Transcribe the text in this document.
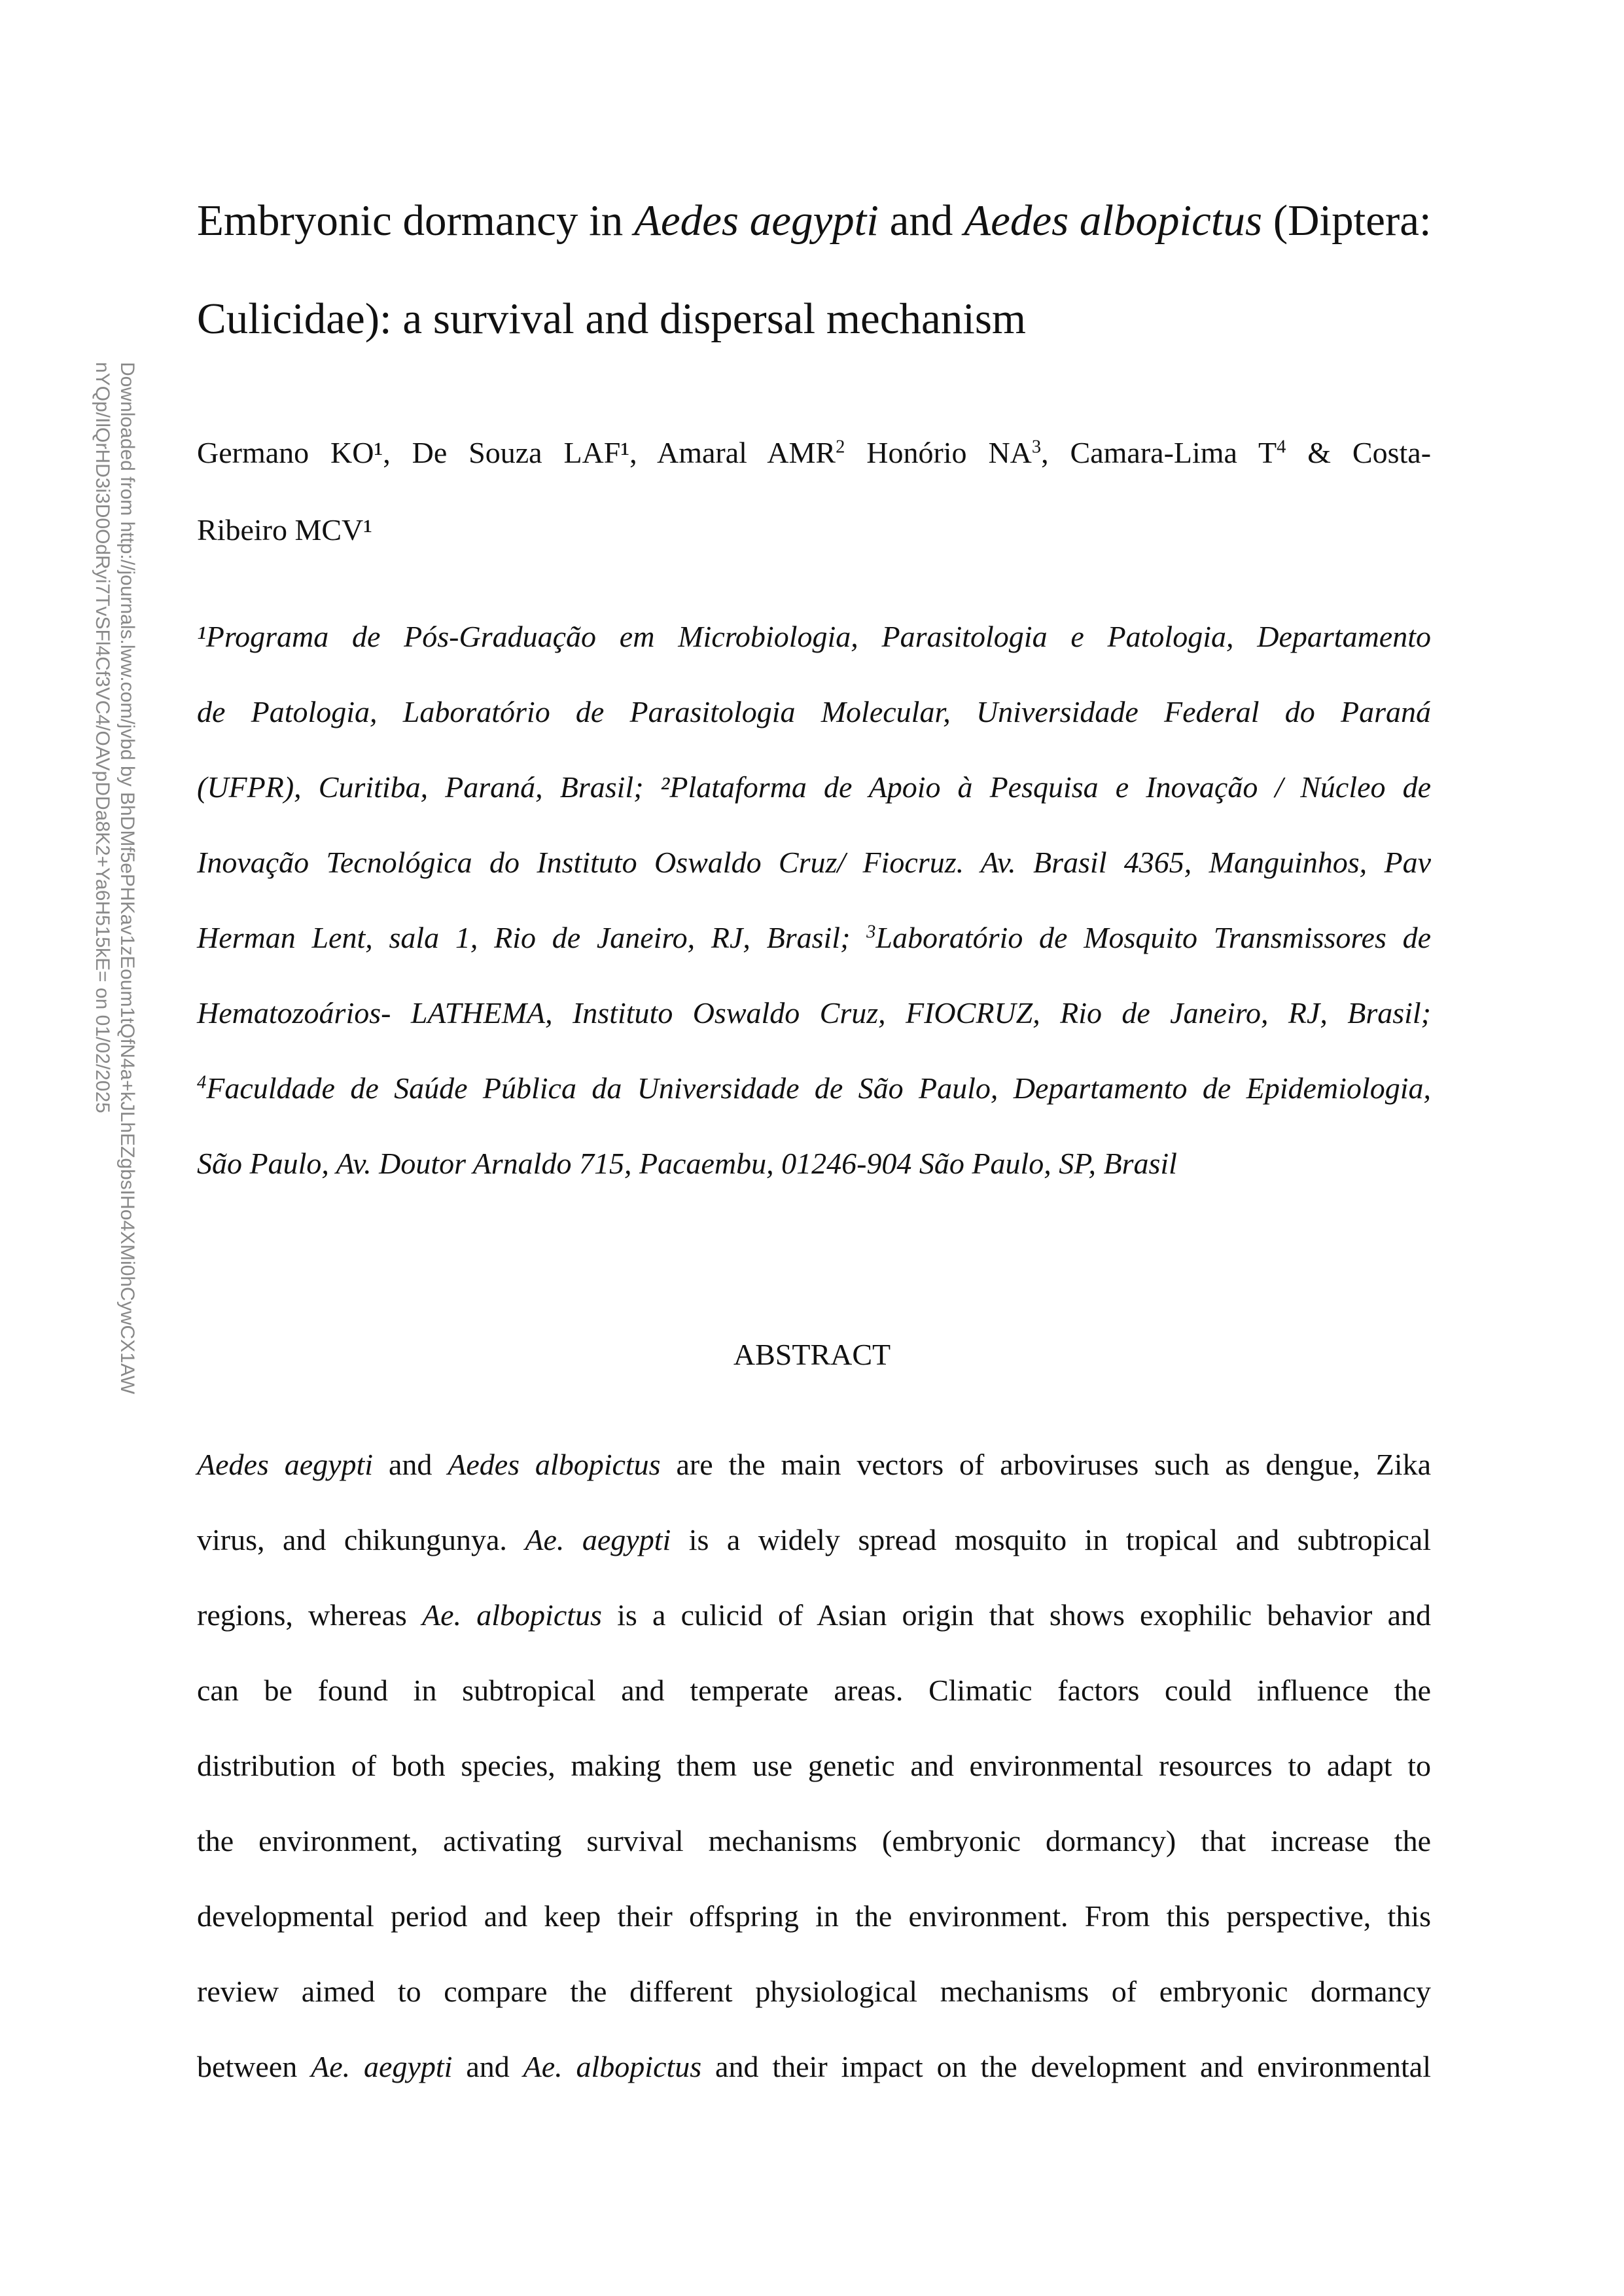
Downloaded from http://journals.lww.com/jvbd by BhDMf5ePHKav1zEoum1tQfN4a+kJLhEZgbsIHo4XMi0hCywCX1AW
nYQp/IlQrHD3i3D0OdRyi7TvSFl4Cf3VC4/OAVpDDa8K2+Ya6H515kE= on 01/02/2025
Embryonic dormancy in Aedes aegypti and Aedes albopictus (Diptera:
Culicidae): a survival and dispersal mechanism
Germano KO¹, De Souza LAF¹, Amaral AMR$^2$ Honório $NA^3$, Camara-Lima $T^4$ & Costa-
Ribeiro MCV¹
¹Programa de Pós-Graduação em Microbiologia, Parasitologia e Patologia, Departamento
de Patologia, Laboratório de Parasitologia Molecular, Universidade Federal do Paraná
(UFPR), Curitiba, Paraná, Brasil; ²Plataforma de Apoio à Pesquisa e Inovação / Núcleo de
Inovação Tecnológica do Instituto Oswaldo Cruz/ Fiocruz. Av. Brasil 4365, Manguinhos, Pav
Herman Lent, sala 1, Rio de Janeiro, RJ, Brasil; $^3$Laboratório de Mosquito Transmissores de
Hematozoários- LATHEMA, Instituto Oswaldo Cruz, FIOCRUZ, Rio de Janeiro, RJ, Brasil;
$^4$Faculdade de Saúde Pública da Universidade de São Paulo, Departamento de Epidemiologia,
São Paulo, Av. Doutor Arnaldo 715, Pacaembu, 01246-904 São Paulo, SP, Brasil
ABSTRACT
Aedes aegypti and Aedes albopictus are the main vectors of arboviruses such as dengue, Zika
virus, and chikungunya. Ae. aegypti is a widely spread mosquito in tropical and subtropical
regions, whereas Ae. albopictus is a culicid of Asian origin that shows exophilic behavior and
can be found in subtropical and temperate areas. Climatic factors could influence the
distribution of both species, making them use genetic and environmental resources to adapt to
the environment, activating survival mechanisms (embryonic dormancy) that increase the
developmental period and keep their offspring in the environment. From this perspective, this
review aimed to compare the different physiological mechanisms of embryonic dormancy
between Ae. aegypti and Ae. albopictus and their impact on the development and environmental
